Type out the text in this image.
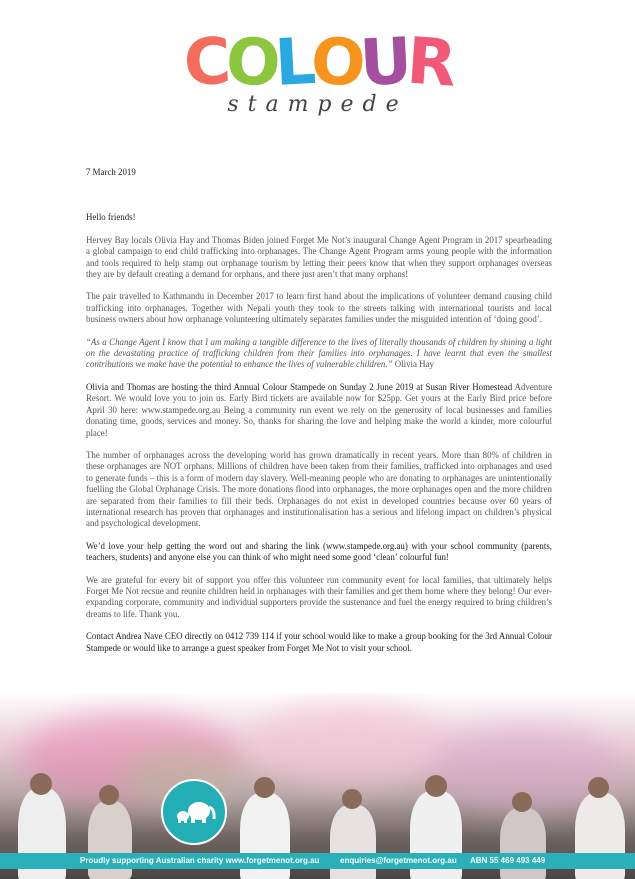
COLOUR
stampede

7 March 2019

Hello friends!

Hervey Bay locals Olivia Hay and Thomas Biden joined Forget Me Not’s inaugural Change Agent Program in 2017 spearheading a global campaign to end child trafficking into orphanages. The Change Agent Program arms young people with the information and tools required to help stamp out orphanage tourism by letting their peers know that when they support orphanages overseas they are by default creating a demand for orphans, and there just aren’t that many orphans!

The pair travelled to Kathmandu in December 2017 to learn first hand about the implications of volunteer demand causing child trafficking into orphanages. Together with Nepali youth they took to the streets talking with international tourists and local business owners about how orphanage volunteering ultimately separates families under the misguided intention of ‘doing good’.

“As a Change Agent I know that I am making a tangible difference to the lives of literally thousands of children by shining a light on the devastating practice of trafficking children from their families into orphanages. I have learnt that even the smallest contributions we make have the potential to enhance the lives of vulnerable children.” Olivia Hay

Olivia and Thomas are hosting the third Annual Colour Stampede on Sunday 2 June 2019 at Susan River Homestead Adventure Resort. We would love you to join us. Early Bird tickets are available now for $25pp. Get yours at the Early Bird price before April 30 here: www.stampede.org.au Being a community run event we rely on the generosity of local businesses and families donating time, goods, services and money. So, thanks for sharing the love and helping make the world a kinder, more colourful place!

The number of orphanages across the developing world has grown dramatically in recent years. More than 80% of children in these orphanages are NOT orphans. Millions of children have been taken from their families, trafficked into orphanages and used to generate funds – this is a form of modern day slavery. Well-meaning people who are donating to orphanages are unintentionally fuelling the Global Orphanage Crisis. The more donations flood into orphanages, the more orphanages open and the more children are separated from their families to fill their beds. Orphanages do not exist in developed countries because over 60 years of international research has proven that orphanages and institutionalisation has a serious and lifelong impact on children’s physical and psychological development.

We’d love your help getting the word out and sharing the link (www.stampede.org.au) with your school community (parents, teachers, students) and anyone else you can think of who might need some good ‘clean’ colourful fun!

We are grateful for every bit of support you offer this volunteer run community event for local families, that ultimately helps Forget Me Not recsue and reunite children held in orphanages with their families and get them home where they belong! Our ever-expanding corporate, community and individual supporters provide the sustenance and fuel the energy required to bring children’s dreams to life. Thank you.

Contact Andrea Nave CEO directly on 0412 739 114 if your school would like to make a group booking for the 3rd Annual Colour Stampede or would like to arrange a guest speaker from Forget Me Not to visit your school.

Proudly supporting Australian charity www.forgetmenot.org.au	enquiries@forgetmenot.org.au ABN 55 469 493 449
